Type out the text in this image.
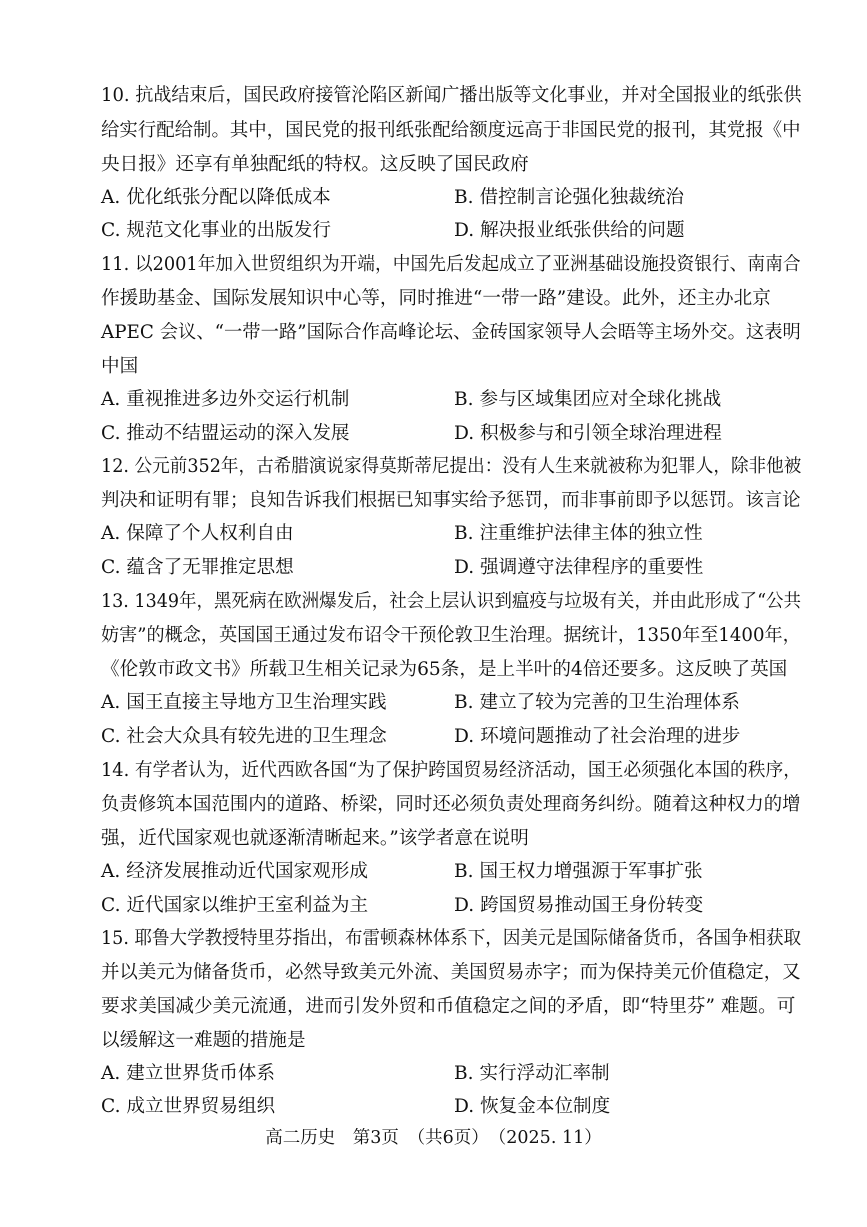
10. 抗战结束后，国民政府接管沦陷区新闻广播出版等文化事业，并对全国报业的纸张供
给实行配给制。其中，国民党的报刊纸张配给额度远高于非国民党的报刊，其党报《中
央日报》还享有单独配纸的特权。这反映了国民政府
A. 优化纸张分配以降低成本	B. 借控制言论强化独裁统治
C. 规范文化事业的出版发行	D. 解决报业纸张供给的问题
11. 以2001年加入世贸组织为开端，中国先后发起成立了亚洲基础设施投资银行、南南合
作援助基金、国际发展知识中心等，同时推进“一带一路”建设。此外，还主办北京
APEC 会议、“一带一路”国际合作高峰论坛、金砖国家领导人会晤等主场外交。这表明
中国
A. 重视推进多边外交运行机制	B. 参与区域集团应对全球化挑战
C. 推动不结盟运动的深入发展	D. 积极参与和引领全球治理进程
12. 公元前352年，古希腊演说家得莫斯蒂尼提出：没有人生来就被称为犯罪人，除非他被
判决和证明有罪；良知告诉我们根据已知事实给予惩罚，而非事前即予以惩罚。该言论
A. 保障了个人权利自由	B. 注重维护法律主体的独立性
C. 蕴含了无罪推定思想	D. 强调遵守法律程序的重要性
13. 1349年，黑死病在欧洲爆发后，社会上层认识到瘟疫与垃圾有关，并由此形成了“公共
妨害”的概念，英国国王通过发布诏令干预伦敦卫生治理。据统计，1350年至1400年，
《伦敦市政文书》所载卫生相关记录为65条，是上半叶的4倍还要多。这反映了英国
A. 国王直接主导地方卫生治理实践	B. 建立了较为完善的卫生治理体系
C. 社会大众具有较先进的卫生理念	D. 环境问题推动了社会治理的进步
14. 有学者认为，近代西欧各国“为了保护跨国贸易经济活动，国王必须强化本国的秩序，
负责修筑本国范围内的道路、桥梁，同时还必须负责处理商务纠纷。随着这种权力的增
强，近代国家观也就逐渐清晰起来。”该学者意在说明
A. 经济发展推动近代国家观形成	B. 国王权力增强源于军事扩张
C. 近代国家以维护王室利益为主	D. 跨国贸易推动国王身份转变
15. 耶鲁大学教授特里芬指出，布雷顿森林体系下，因美元是国际储备货币，各国争相获取
并以美元为储备货币，必然导致美元外流、美国贸易赤字；而为保持美元价值稳定，又
要求美国减少美元流通，进而引发外贸和币值稳定之间的矛盾，即“特里芬” 难题。可
以缓解这一难题的措施是
A. 建立世界货币体系	B. 实行浮动汇率制
C. 成立世界贸易组织	D. 恢复金本位制度
高二历史　第3页　（共6页）　（2025. 11）
